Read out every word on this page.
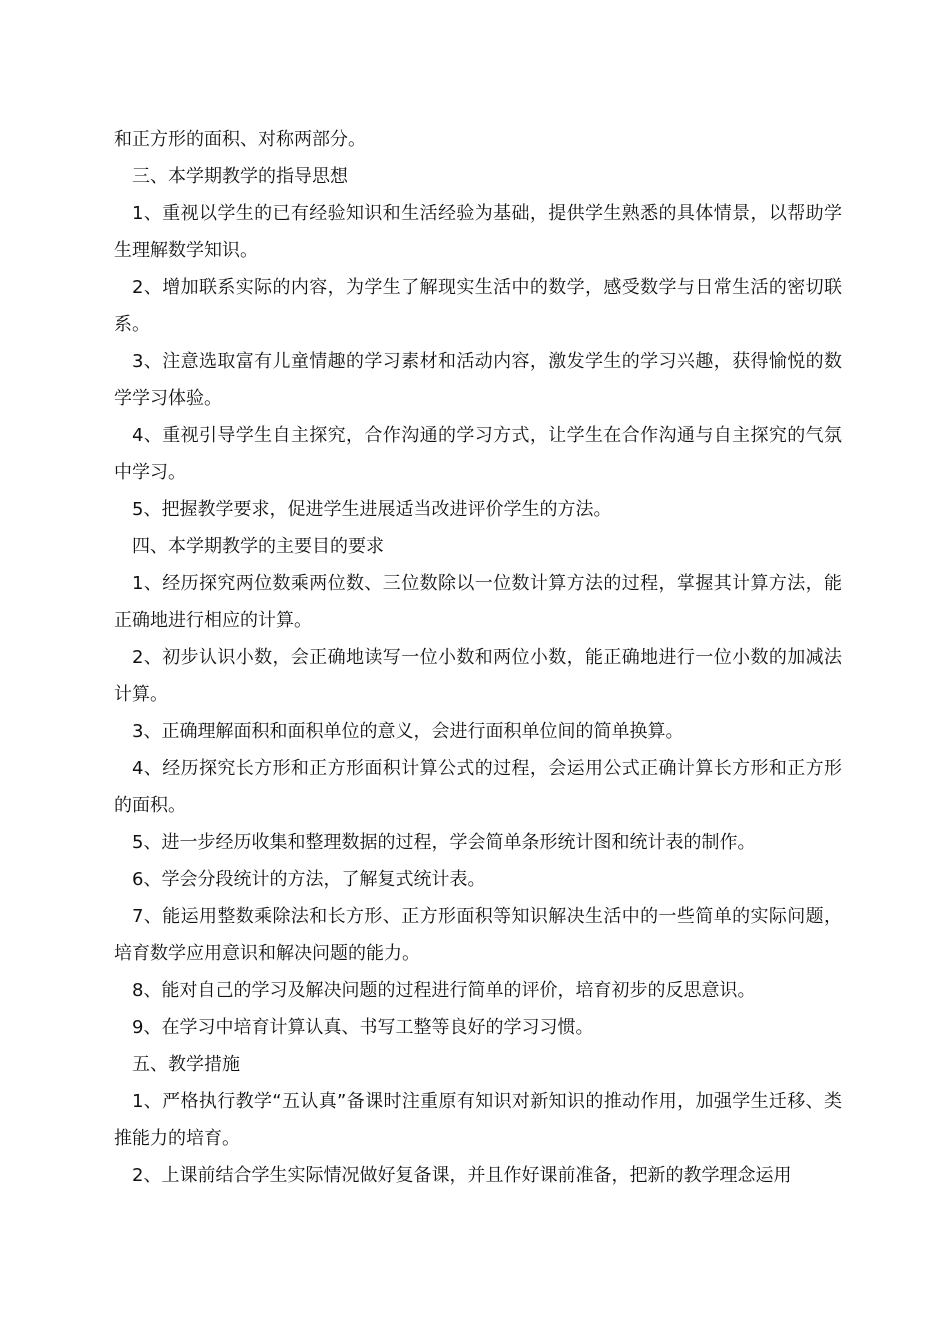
和正方形的面积、对称两部分。

三、本学期教学的指导思想

1、重视以学生的已有经验知识和生活经验为基础，提供学生熟悉的具体情景，以帮助学生理解数学知识。

2、增加联系实际的内容，为学生了解现实生活中的数学，感受数学与日常生活的密切联系。

3、注意选取富有儿童情趣的学习素材和活动内容，激发学生的学习兴趣，获得愉悦的数学学习体验。

4、重视引导学生自主探究，合作沟通的学习方式，让学生在合作沟通与自主探究的气氛中学习。

5、把握教学要求，促进学生进展适当改进评价学生的方法。

四、本学期教学的主要目的要求

1、经历探究两位数乘两位数、三位数除以一位数计算方法的过程，掌握其计算方法，能正确地进行相应的计算。

2、初步认识小数，会正确地读写一位小数和两位小数，能正确地进行一位小数的加减法计算。

3、正确理解面积和面积单位的意义，会进行面积单位间的简单换算。

4、经历探究长方形和正方形面积计算公式的过程，会运用公式正确计算长方形和正方形的面积。

5、进一步经历收集和整理数据的过程，学会简单条形统计图和统计表的制作。

6、学会分段统计的方法，了解复式统计表。

7、能运用整数乘除法和长方形、正方形面积等知识解决生活中的一些简单的实际问题，培育数学应用意识和解决问题的能力。

8、能对自己的学习及解决问题的过程进行简单的评价，培育初步的反思意识。

9、在学习中培育计算认真、书写工整等良好的学习习惯。

五、教学措施

1、严格执行教学“五认真”备课时注重原有知识对新知识的推动作用，加强学生迁移、类推能力的培育。

2、上课前结合学生实际情况做好复备课，并且作好课前准备，把新的教学理念运用
